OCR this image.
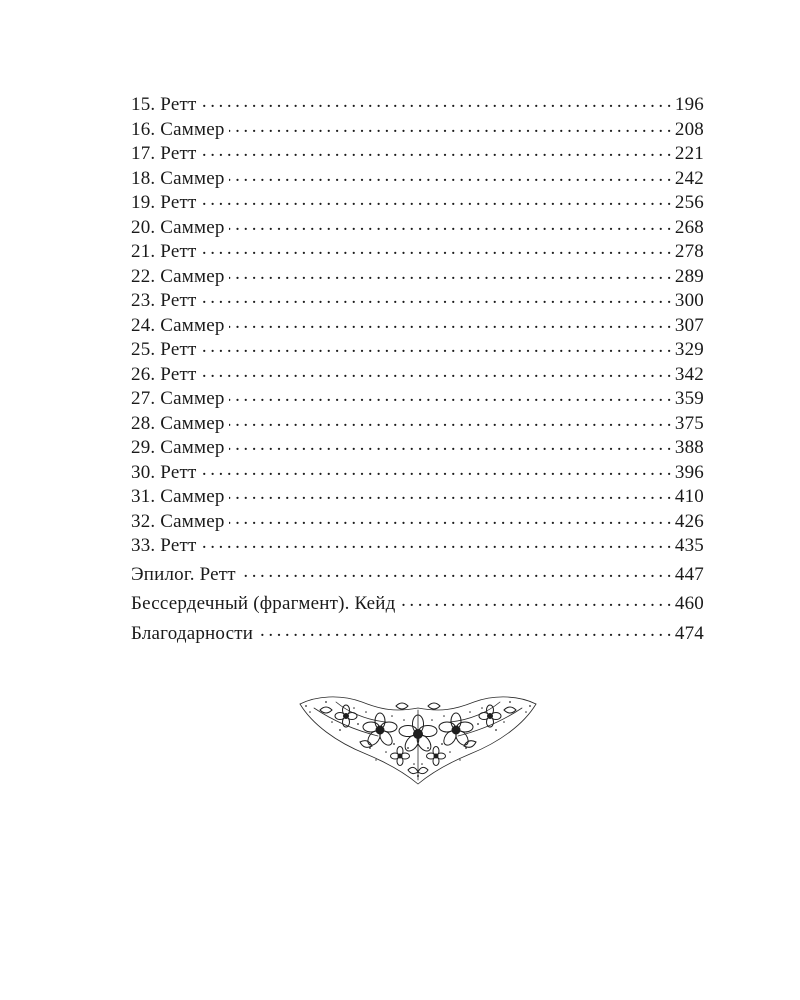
15. Ретт . . .	196
16. Саммер . . .	208
17. Ретт . . .	221
18. Саммер . . .	242
19. Ретт . . .	256
20. Саммер . . .	268
21. Ретт . . .	278
22. Саммер . . .	289
23. Ретт . . .	300
24. Саммер . . .	307
25. Ретт . . .	329
26. Ретт . . .	342
27. Саммер . . .	359
28. Саммер . . .	375
29. Саммер . . .	388
30. Ретт . . .	396
31. Саммер . . .	410
32. Саммер . . .	426
33. Ретт . . .	435
Эпилог. Ретт . . .	447
Бессердечный (фрагмент). Кейд . . .	460
Благодарности . . .	474
